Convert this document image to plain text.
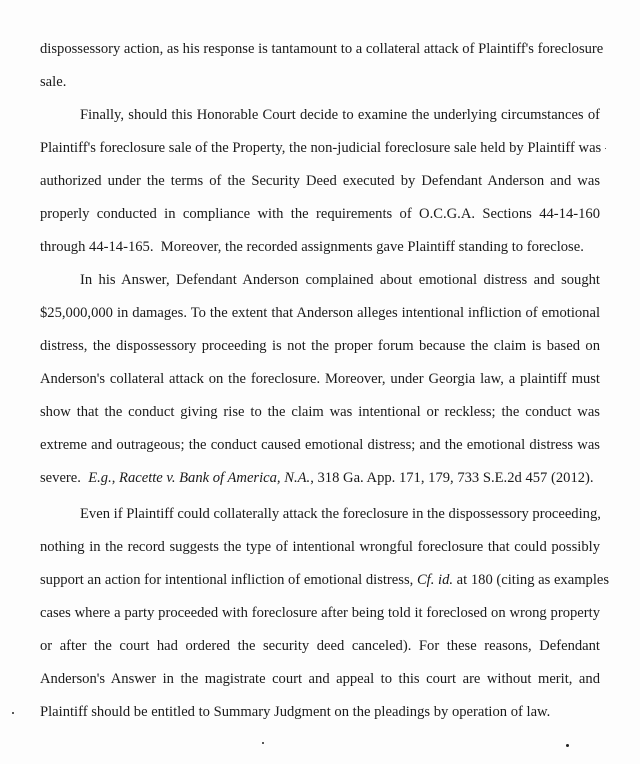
dispossessory action, as his response is tantamount to a collateral attack of Plaintiff's foreclosure
sale.
Finally, should this Honorable Court decide to examine the underlying circumstances of
Plaintiff's foreclosure sale of the Property, the non-judicial foreclosure sale held by Plaintiff was
authorized under the terms of the Security Deed executed by Defendant Anderson and was
properly conducted in compliance with the requirements of O.C.G.A. Sections 44-14-160
through 44-14-165.  Moreover, the recorded assignments gave Plaintiff standing to foreclose.
In his Answer, Defendant Anderson complained about emotional distress and sought
$25,000,000 in damages. To the extent that Anderson alleges intentional infliction of emotional
distress, the dispossessory proceeding is not the proper forum because the claim is based on
Anderson's collateral attack on the foreclosure. Moreover, under Georgia law, a plaintiff must
show that the conduct giving rise to the claim was intentional or reckless; the conduct was
extreme and outrageous; the conduct caused emotional distress; and the emotional distress was
severe.  E.g., Racette v. Bank of America, N.A., 318 Ga. App. 171, 179, 733 S.E.2d 457 (2012).
Even if Plaintiff could collaterally attack the foreclosure in the dispossessory proceeding,
nothing in the record suggests the type of intentional wrongful foreclosure that could possibly
support an action for intentional infliction of emotional distress, Cf. id. at 180 (citing as examples
cases where a party proceeded with foreclosure after being told it foreclosed on wrong property
or after the court had ordered the security deed canceled). For these reasons, Defendant
Anderson's Answer in the magistrate court and appeal to this court are without merit, and
Plaintiff should be entitled to Summary Judgment on the pleadings by operation of law.
